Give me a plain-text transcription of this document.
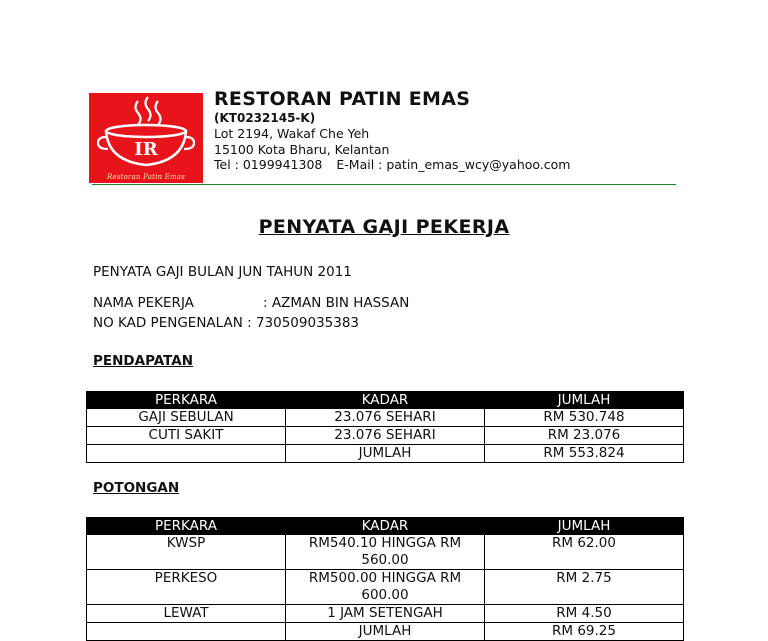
IR
Restoran Patin Emas
RESTORAN PATIN EMAS
(KT0232145-K)
Lot 2194, Wakaf Che Yeh
15100 Kota Bharu, Kelantan
Tel : 0199941308 E-Mail : patin_emas_wcy@yahoo.com
PENYATA GAJI PEKERJA
PENYATA GAJI BULAN JUN TAHUN 2011
NAMA PEKERJA	: AZMAN BIN HASSAN
NO KAD PENGENALAN : 730509035383
PENDAPATAN
PERKARA	KADAR	JUMLAH
GAJI SEBULAN	23.076 SEHARI	RM 530.748
CUTI SAKIT	23.076 SEHARI	RM 23.076
	JUMLAH	RM 553.824
POTONGAN
PERKARA	KADAR	JUMLAH
KWSP	RM540.10 HINGGA RM 560.00	RM 62.00
PERKESO	RM500.00 HINGGA RM 600.00	RM 2.75
LEWAT	1 JAM SETENGAH	RM 4.50
	JUMLAH	RM 69.25
